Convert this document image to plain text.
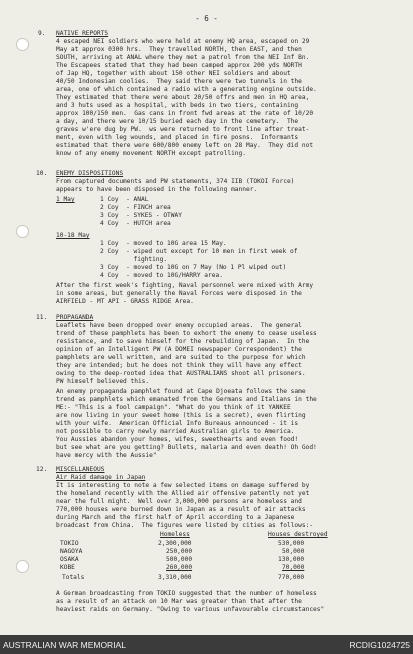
- 6 -
9. NATIVE REPORTS
4 escaped NEI soldiers who were held at enemy HQ area, escaped on 29
May at approx 0300 hrs.  They travelled NORTH, then EAST, and then
SOUTH, arriving at ANAL where they met a patrol from the NEI Inf Bn.
The Escapees stated that they had been camped approx 200 yds NORTH
of Jap HQ, together with about 150 other NEI soldiers and about
40/50 Indonesian coolies.  They said there were two tunnels in the
area, one of which contained a radio with a generating engine outside.
They estimated that there were about 20/50 offrs and men in HQ area,
and 3 huts used as a hospital, with beds in two tiers, containing
approx 100/150 men.  Gas cans in front fwd areas at the rate of 10/20
a day, and there were 10/15 buried each day in the cemetery.  The
graves w'ere dug by PW.  ws were returned to front line after treat-
ment, even with leg wounds, and placed in fire posns.  Informants
estimated that there were 600/800 enemy left on 28 May.  They did not
know of any enemy movement NORTH except patrolling.
10. ENEMY DISPOSITIONS
From captured documents and PW statements, 374 IIB (TOKOI Force)
appears to have been disposed in the following manner.
1 May	1 Coy  - ANAL
2 Coy  - FINCH area
3 Coy  - SYKES - OTWAY
4 Coy  - HUTCH area
10-18 May
1 Coy  - moved to 10G area 15 May.
2 Coy  - wiped out except for 10 men in first week of
fighting.
3 Coy  - moved to 10G on 7 May (No 1 Pl wiped out)
4 Coy  - moved to 10G/HARRY area.
After the first week's fighting, Naval personnel were mixed with Army
in some areas, but generally the Naval Forces were disposed in the
AIRFIELD - MT API - GRASS RIDGE Area.
11. PROPAGANDA
Leaflets have been dropped over enemy occupied areas.  The general
trend of these pamphlets has been to exhort the enemy to cease useless
resistance, and to save himself for the rebuilding of Japan.  In the
opinion of an Intelligent PW (A DOMEI newspaper Correspondent) the
pamphlets are well written, and are suited to the purpose for which
they are intended; but he does not think they will have any effect
owing to the deep-rooted idea that AUSTRALIANS shoot all prisoners.
PW himself believed this.
An enemy propaganda pamphlet found at Cape Djoeata follows the same
trend as pamphlets which emanated from the Germans and Italians in the
ME:- "This is a fool campaign". "What do you think of it YANKEE
are now living in your sweet home (this is a secret), even flirting
with your wife.  American Official Info Bureaus announced - it is
not possible to carry newly married Australian girls to America.
You Aussies abandon your homes, wifes, sweethearts and even food!
but see what are you getting? Bullets, malaria and even death! Oh God!
have mercy with the Aussie"
12. MISCELLANEOUS
Air Raid damage in Japan
It is interesting to note a few selected items on damage suffered by
the homeland recently with the Allied air offensive patently not yet
near the full might.  Well over 3,000,000 persons are homeless and
770,000 houses were burned down in Japan as a result of air attacks
during March and the first half of April according to a Japanese
broadcast from China.  The figures were listed by cities as follows:-
Homeless	Houses destroyed
TOKIO	2,300,000	530,000
NAGOYA	250,000	50,000
OSAKA	500,000	130,000
KOBE	260,000	70,000
Totals	3,310,000	770,000
A German broadcasting from TOKIO suggested that the number of homeless
as a result of an attack on 10 Mar was greater than that after the
heaviest raids on Germany. "Owing to various unfavourable circumstances"
AUSTRALIAN WAR MEMORIAL	RCDIG1024725
